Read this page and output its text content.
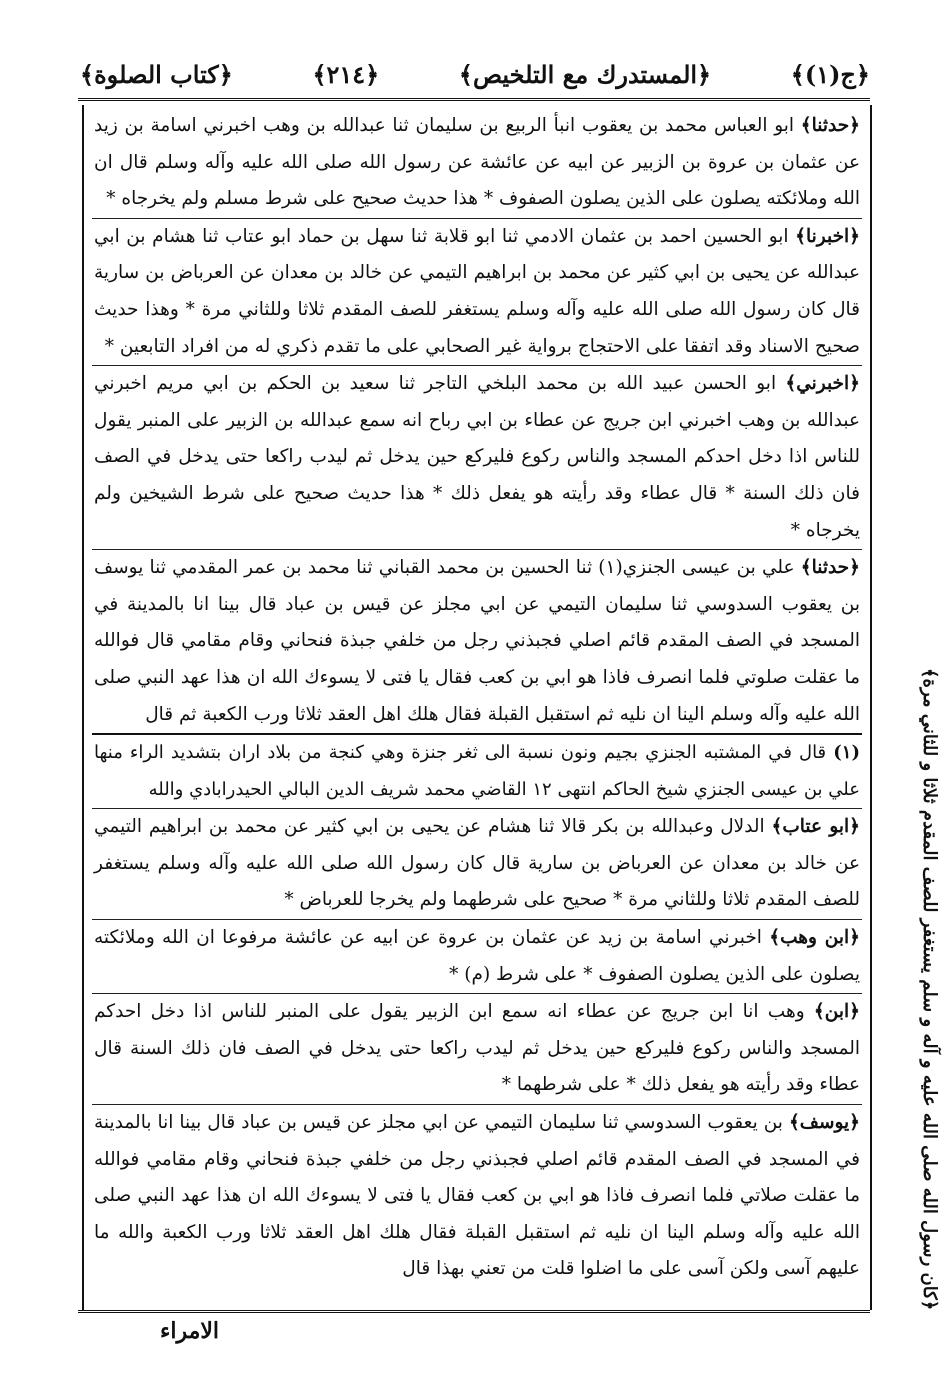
﴿ج(١)﴾
﴿المستدرك مع التلخيص﴾
﴿٢١٤﴾
﴿كتاب الصلوة﴾
﴿كان رسول الله صلى الله عليه و آله و سلم يستغفر للصف المقدم ثلاثا و للثاني مرة﴾

﴿حدثنا﴾ ابو العباس محمد بن يعقوب انبأ الربيع بن سليمان ثنا عبدالله بن وهب اخبرني اسامة بن زيد عن عثمان بن عروة بن الزبير عن ابيه عن عائشة عن رسول الله صلى الله عليه وآله وسلم قال ان الله وملائكته يصلون على الذين يصلون الصفوف * هذا حديث صحيح على شرط مسلم ولم يخرجاه *

﴿اخبرنا﴾ ابو الحسين احمد بن عثمان الادمي ثنا ابو قلابة ثنا سهل بن حماد ابو عتاب ثنا هشام بن ابي عبدالله عن يحيى بن ابي كثير عن محمد بن ابراهيم التيمي عن خالد بن معدان عن العرباض بن سارية قال كان رسول الله صلى الله عليه وآله وسلم يستغفر للصف المقدم ثلاثا وللثاني مرة * وهذا حديث صحيح الاسناد وقد اتفقا على الاحتجاج برواية غير الصحابي على ما تقدم ذكري له من افراد التابعين *

﴿اخبرني﴾ ابو الحسن عبيد الله بن محمد البلخي التاجر ثنا سعيد بن الحكم بن ابي مريم اخبرني عبدالله بن وهب اخبرني ابن جريج عن عطاء بن ابي رباح انه سمع عبدالله بن الزبير على المنبر يقول للناس اذا دخل احدكم المسجد والناس ركوع فليركع حين يدخل ثم ليدب راكعا حتى يدخل في الصف فان ذلك السنة * قال عطاء وقد رأيته هو يفعل ذلك * هذا حديث صحيح على شرط الشيخين ولم يخرجاه *

﴿حدثنا﴾ علي بن عيسى الجنزي(١) ثنا الحسين بن محمد القباني ثنا محمد بن عمر المقدمي ثنا يوسف بن يعقوب السدوسي ثنا سليمان التيمي عن ابي مجلز عن قيس بن عباد قال بينا انا بالمدينة في المسجد في الصف المقدم قائم اصلي فجبذني رجل من خلفي جبذة فنحاني وقام مقامي قال فوالله ما عقلت صلوتي فلما انصرف فاذا هو ابي بن كعب فقال يا فتى لا يسوءك الله ان هذا عهد النبي صلى الله عليه وآله وسلم الينا ان نليه ثم استقبل القبلة فقال هلك اهل العقد ثلاثا ورب الكعبة ثم قال

(١) قال في المشتبه الجنزي بجيم ونون نسبة الى ثغر جنزة وهي كنجة من بلاد اران بتشديد الراء منها علي بن عيسى الجنزي شيخ الحاكم انتهى ١٢ القاضي محمد شريف الدين البالي الحيدرابادي والله

﴿ابو عتاب﴾ الدلال وعبدالله بن بكر قالا ثنا هشام عن يحيى بن ابي كثير عن محمد بن ابراهيم التيمي عن خالد بن معدان عن العرباض بن سارية قال كان رسول الله صلى الله عليه وآله وسلم يستغفر للصف المقدم ثلاثا وللثاني مرة * صحيح على شرطهما ولم يخرجا للعرباض *

﴿ابن وهب﴾ اخبرني اسامة بن زيد عن عثمان بن عروة عن ابيه عن عائشة مرفوعا ان الله وملائكته يصلون على الذين يصلون الصفوف * على شرط (م) *

﴿ابن﴾ وهب انا ابن جريج عن عطاء انه سمع ابن الزبير يقول على المنبر للناس اذا دخل احدكم المسجد والناس ركوع فليركع حين يدخل ثم ليدب راكعا حتى يدخل في الصف فان ذلك السنة قال عطاء وقد رأيته هو يفعل ذلك * على شرطهما *

﴿يوسف﴾ بن يعقوب السدوسي ثنا سليمان التيمي عن ابي مجلز عن قيس بن عباد قال بينا انا بالمدينة في المسجد في الصف المقدم قائم اصلي فجبذني رجل من خلفي جبذة فنحاني وقام مقامي فوالله ما عقلت صلاتي فلما انصرف فاذا هو ابي بن كعب فقال يا فتى لا يسوءك الله ان هذا عهد النبي صلى الله عليه وآله وسلم الينا ان نليه ثم استقبل القبلة فقال هلك اهل العقد ثلاثا ورب الكعبة والله ما عليهم آسى ولكن آسى على ما اضلوا قلت من تعني بهذا قال

الامراء
